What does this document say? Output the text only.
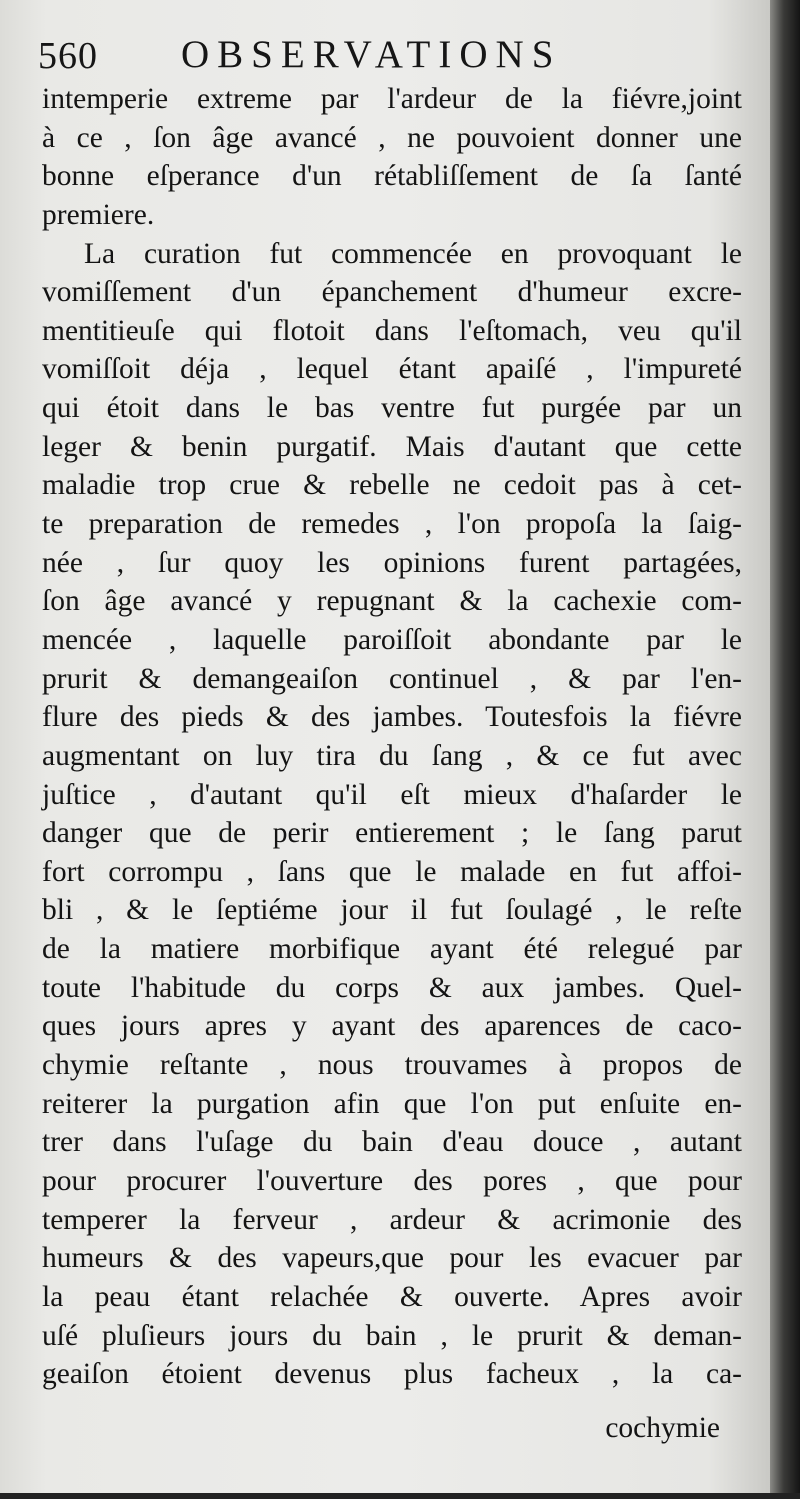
560 OBSERVATIONS
intemperie extreme par l'ardeur de la fiévre,joint
à ce , ſon âge avancé , ne pouvoient donner une
bonne eſperance d'un rétabliſſement de ſa ſanté
premiere.
La curation fut commencée en provoquant le
vomiſſement d'un épanchement d'humeur excre-
mentitieuſe qui flotoit dans l'eſtomach, veu qu'il
vomiſſoit déja , lequel étant apaiſé , l'impureté
qui étoit dans le bas ventre fut purgée par un
leger & benin purgatif. Mais d'autant que cette
maladie trop crue & rebelle ne cedoit pas à cet-
te preparation de remedes , l'on propoſa la ſaig-
née , ſur quoy les opinions furent partagées,
ſon âge avancé y repugnant & la cachexie com-
mencée , laquelle paroiſſoit abondante par le
prurit & demangeaiſon continuel , & par l'en-
flure des pieds & des jambes. Toutesfois la fiévre
augmentant on luy tira du ſang , & ce fut avec
juſtice , d'autant qu'il eſt mieux d'haſarder le
danger que de perir entierement ; le ſang parut
fort corrompu , ſans que le malade en fut affoi-
bli , & le ſeptiéme jour il fut ſoulagé , le reſte
de la matiere morbifique ayant été relegué par
toute l'habitude du corps & aux jambes. Quel-
ques jours apres y ayant des aparences de caco-
chymie reſtante , nous trouvames à propos de
reiterer la purgation afin que l'on put enſuite en-
trer dans l'uſage du bain d'eau douce , autant
pour procurer l'ouverture des pores , que pour
temperer la ferveur , ardeur & acrimonie des
humeurs & des vapeurs,que pour les evacuer par
la peau étant relachée & ouverte. Apres avoir
uſé pluſieurs jours du bain , le prurit & deman-
geaiſon étoient devenus plus facheux , la ca-
cochymie
